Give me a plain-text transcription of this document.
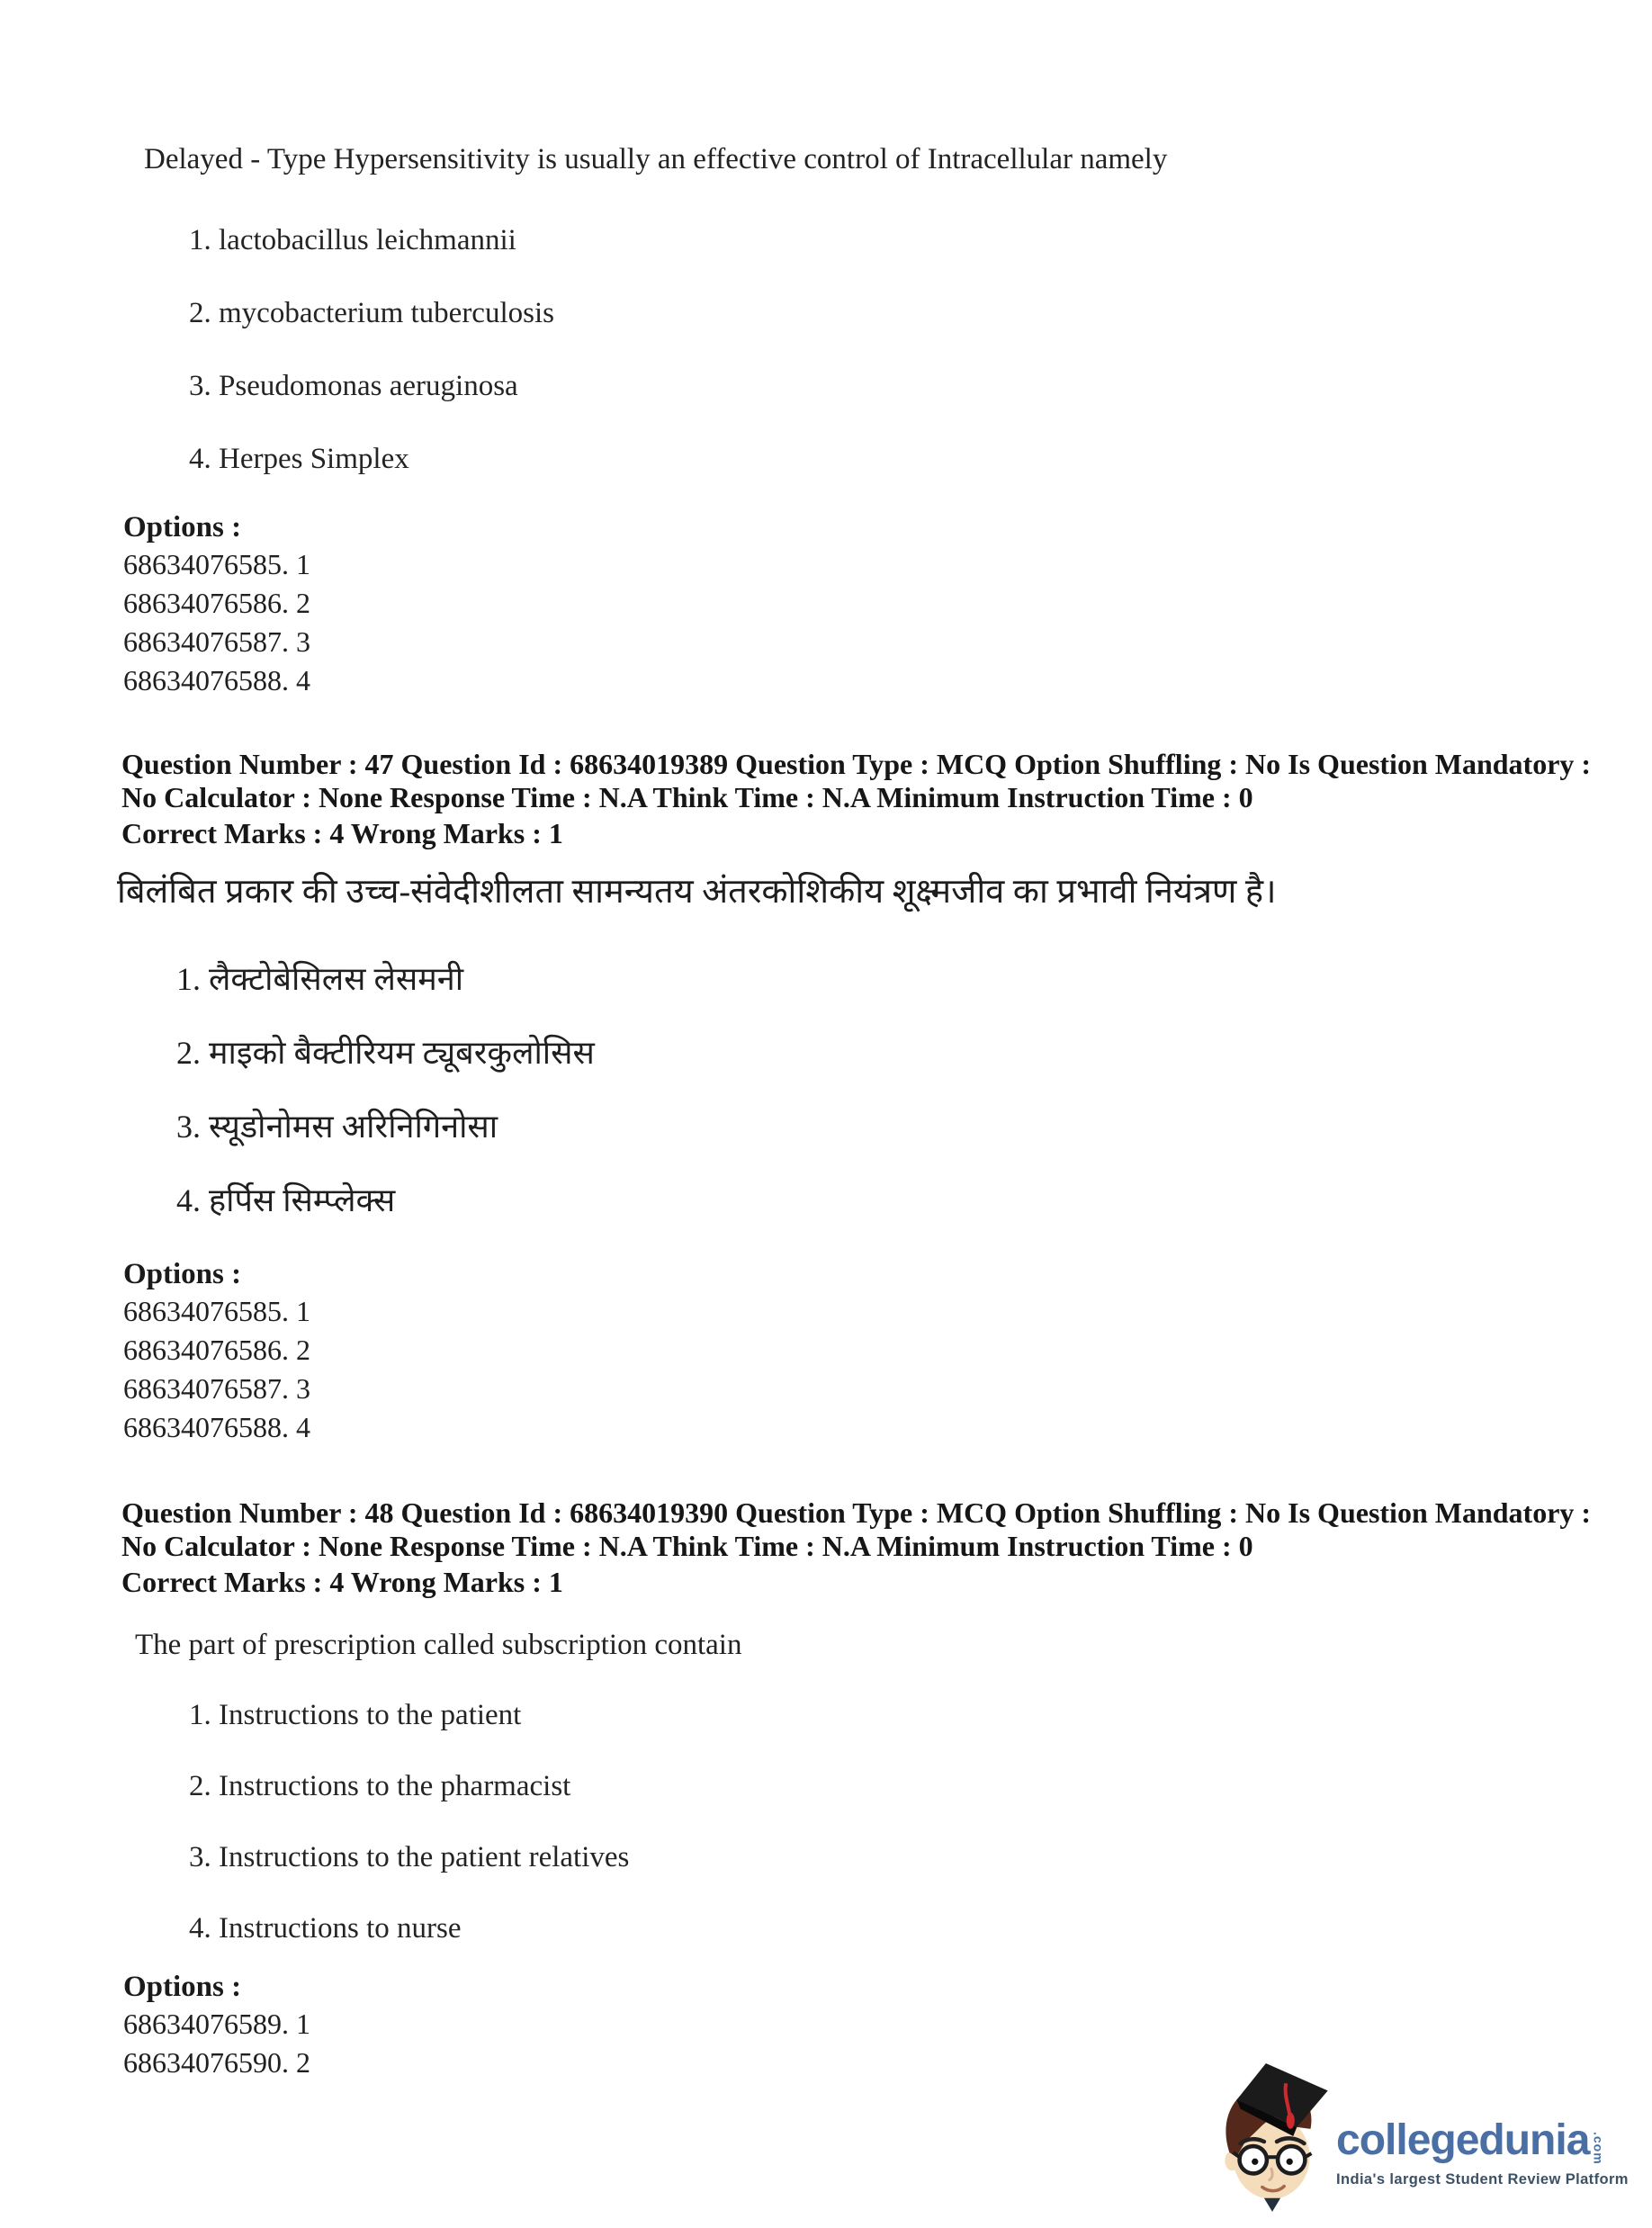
Delayed - Type Hypersensitivity is usually an effective control of Intracellular namely
1. lactobacillus leichmannii
2. mycobacterium tuberculosis
3. Pseudomonas aeruginosa
4. Herpes Simplex
Options :
68634076585. 1
68634076586. 2
68634076587. 3
68634076588. 4
Question Number : 47 Question Id : 68634019389 Question Type : MCQ Option Shuffling : No Is Question Mandatory :
No Calculator : None Response Time : N.A Think Time : N.A Minimum Instruction Time : 0
Correct Marks : 4 Wrong Marks : 1
बिलंबित प्रकार की उच्च-संवेदीशीलता सामन्यतय अंतरकोशिकीय शूक्ष्मजीव का प्रभावी नियंत्रण है।
1. लैक्टोबेसिलस लेसमनी
2. माइको बैक्टीरियम ट्यूबरकुलोसिस
3. स्यूडोनोमस अरिनिगिनोसा
4. हर्पिस सिम्प्लेक्स
Options :
68634076585. 1
68634076586. 2
68634076587. 3
68634076588. 4
Question Number : 48 Question Id : 68634019390 Question Type : MCQ Option Shuffling : No Is Question Mandatory :
No Calculator : None Response Time : N.A Think Time : N.A Minimum Instruction Time : 0
Correct Marks : 4 Wrong Marks : 1
The part of prescription called subscription contain
1. Instructions to the patient
2. Instructions to the pharmacist
3. Instructions to the patient relatives
4. Instructions to nurse
Options :
68634076589. 1
68634076590. 2
collegedunia .com
India's largest Student Review Platform
